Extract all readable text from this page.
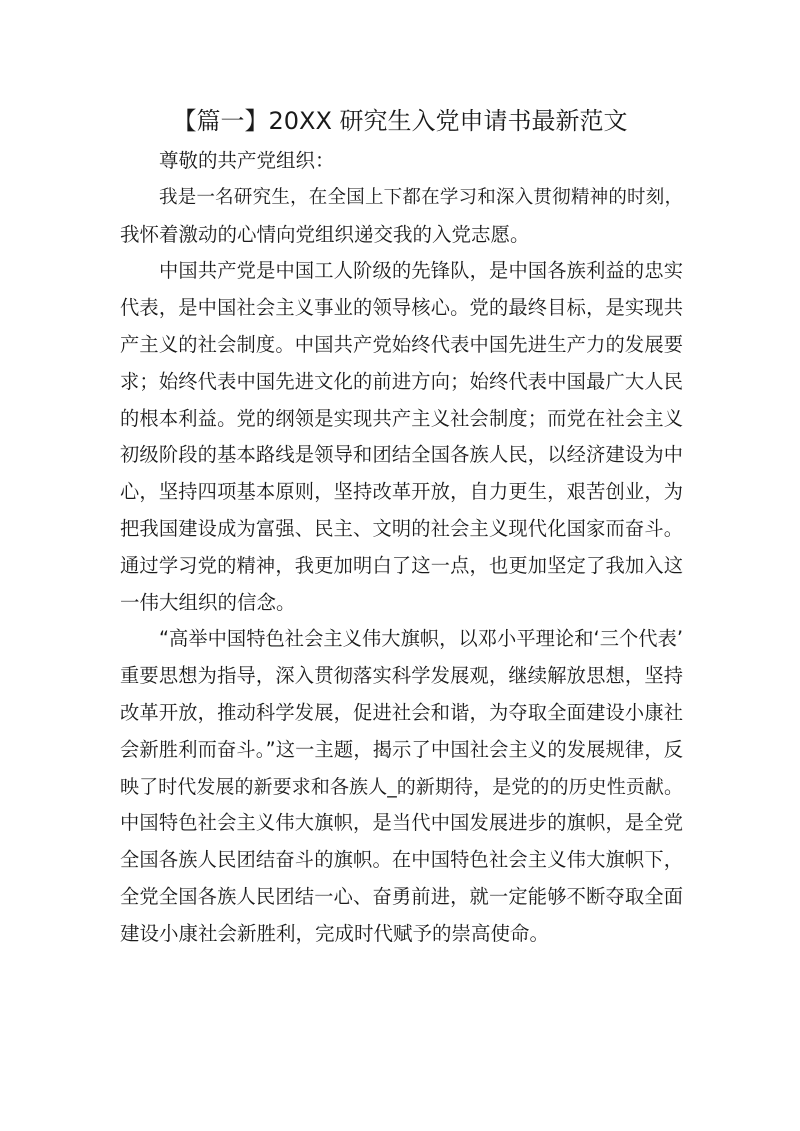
【篇一】20XX 研究生入党申请书最新范文

尊敬的共产党组织：

我是一名研究生，在全国上下都在学习和深入贯彻精神的时刻，
我怀着激动的心情向党组织递交我的入党志愿。

中国共产党是中国工人阶级的先锋队，是中国各族利益的忠实
代表，是中国社会主义事业的领导核心。党的最终目标，是实现共
产主义的社会制度。中国共产党始终代表中国先进生产力的发展要
求；始终代表中国先进文化的前进方向；始终代表中国最广大人民
的根本利益。党的纲领是实现共产主义社会制度；而党在社会主义
初级阶段的基本路线是领导和团结全国各族人民，以经济建设为中
心，坚持四项基本原则，坚持改革开放，自力更生，艰苦创业，为
把我国建设成为富强、民主、文明的社会主义现代化国家而奋斗。
通过学习党的精神，我更加明白了这一点，也更加坚定了我加入这
一伟大组织的信念。

“高举中国特色社会主义伟大旗帜，以邓小平理论和‘三个代表’
重要思想为指导，深入贯彻落实科学发展观，继续解放思想，坚持
改革开放，推动科学发展，促进社会和谐，为夺取全面建设小康社
会新胜利而奋斗。”这一主题，揭示了中国社会主义的发展规律，反
映了时代发展的新要求和各族人_的新期待，是党的的历史性贡献。
中国特色社会主义伟大旗帜，是当代中国发展进步的旗帜，是全党
全国各族人民团结奋斗的旗帜。在中国特色社会主义伟大旗帜下，
全党全国各族人民团结一心、奋勇前进，就一定能够不断夺取全面
建设小康社会新胜利，完成时代赋予的崇高使命。
